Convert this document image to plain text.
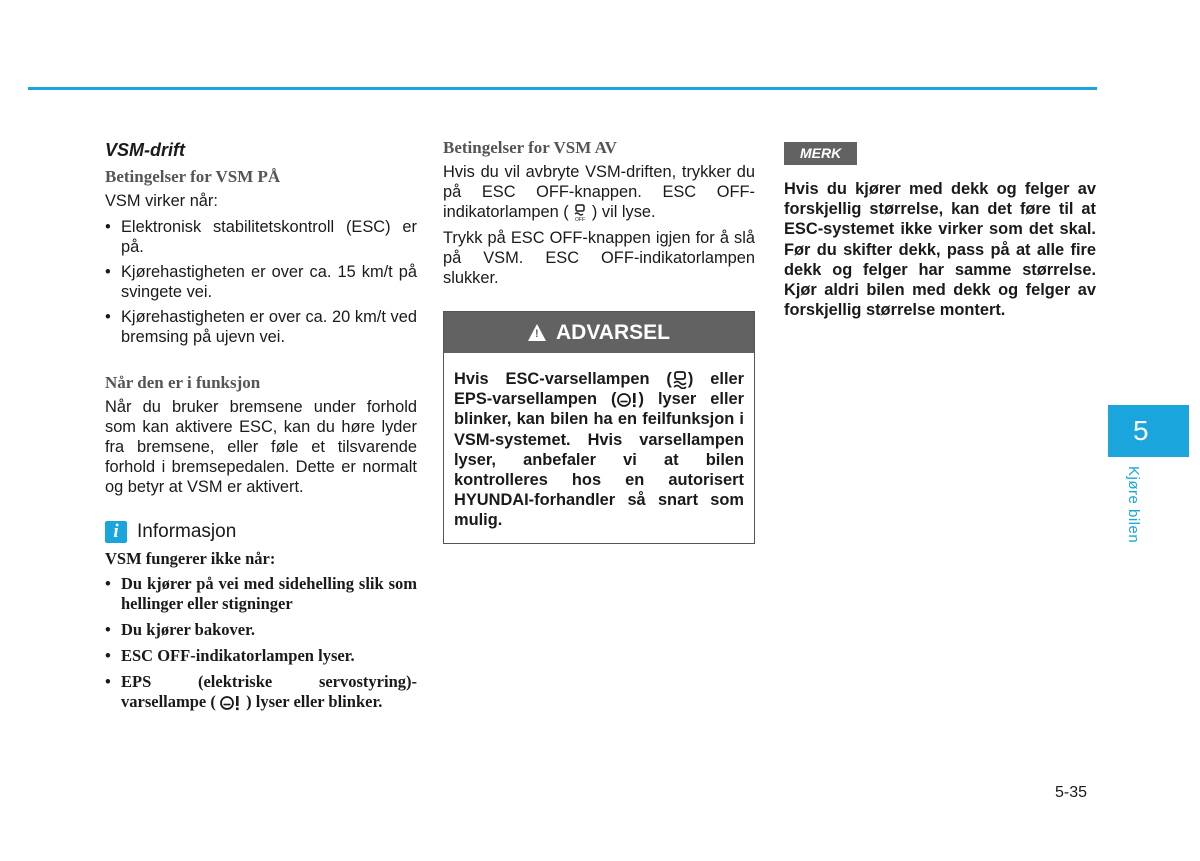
VSM-drift
Betingelser for VSM PÅ

VSM virker når:

• Elektronisk stabilitetskontroll (ESC) er på.
• Kjørehastigheten er over ca. 15 km/t på svingete vei.
• Kjørehastigheten er over ca. 20 km/t ved bremsing på ujevn vei.
Når den er i funksjon

Når du bruker bremsene under forhold som kan aktivere ESC, kan du høre lyder fra bremsene, eller føle et tilsvarende forhold i bremsepedalen. Dette er normalt og betyr at VSM er aktivert.

i Informasjon
VSM fungerer ikke når:
• Du kjører på vei med sidehelling slik som hellinger eller stigninger
• Du kjører bakover.
• ESC OFF-indikatorlampen lyser.
• EPS (elektriske servostyring)-varsellampe ( ) lyser eller blinker.
Betingelser for VSM AV

Hvis du vil avbryte VSM-driften, trykker du på ESC OFF-knappen. ESC OFF-indikatorlampen ( OFF ) vil lyse.

Trykk på ESC OFF-knappen igjen for å slå på VSM. ESC OFF-indikatorlampen slukker.

! ADVARSEL
Hvis ESC-varsellampen ( ) eller EPS-varsellampen ( ) lyser eller blinker, kan bilen ha en feilfunksjon i VSM-systemet. Hvis varsellampen lyser, anbefaler vi at bilen kontrolleres hos en autorisert HYUNDAI-forhandler så snart som mulig.
MERK
Hvis du kjører med dekk og felger av forskjellig størrelse, kan det føre til at ESC-systemet ikke virker som det skal. Før du skifter dekk, pass på at alle fire dekk og felger har samme størrelse. Kjør aldri bilen med dekk og felger av forskjellig størrelse montert.
5
Kjøre bilen
5-35
